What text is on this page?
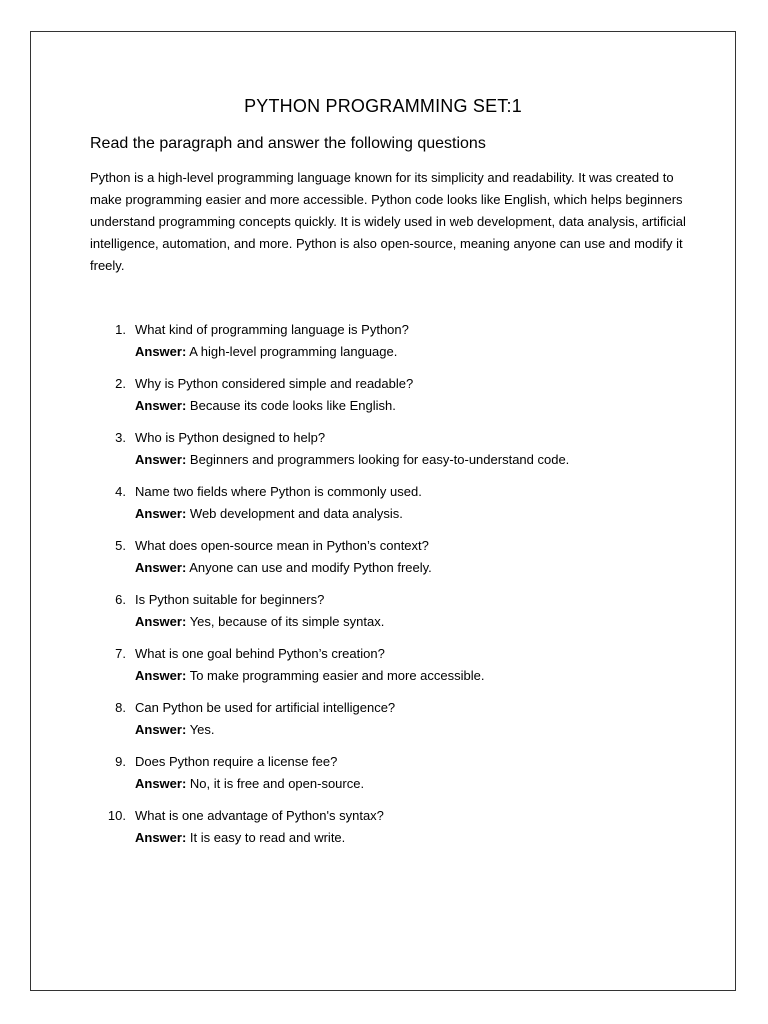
PYTHON PROGRAMMING SET:1
Read the paragraph and answer the following questions
Python is a high-level programming language known for its simplicity and readability. It was created to make programming easier and more accessible. Python code looks like English, which helps beginners understand programming concepts quickly. It is widely used in web development, data analysis, artificial intelligence, automation, and more. Python is also open-source, meaning anyone can use and modify it freely.
1. What kind of programming language is Python?
Answer: A high-level programming language.
2. Why is Python considered simple and readable?
Answer: Because its code looks like English.
3. Who is Python designed to help?
Answer: Beginners and programmers looking for easy-to-understand code.
4. Name two fields where Python is commonly used.
Answer: Web development and data analysis.
5. What does open-source mean in Python’s context?
Answer: Anyone can use and modify Python freely.
6. Is Python suitable for beginners?
Answer: Yes, because of its simple syntax.
7. What is one goal behind Python’s creation?
Answer: To make programming easier and more accessible.
8. Can Python be used for artificial intelligence?
Answer: Yes.
9. Does Python require a license fee?
Answer: No, it is free and open-source.
10. What is one advantage of Python's syntax?
Answer: It is easy to read and write.
